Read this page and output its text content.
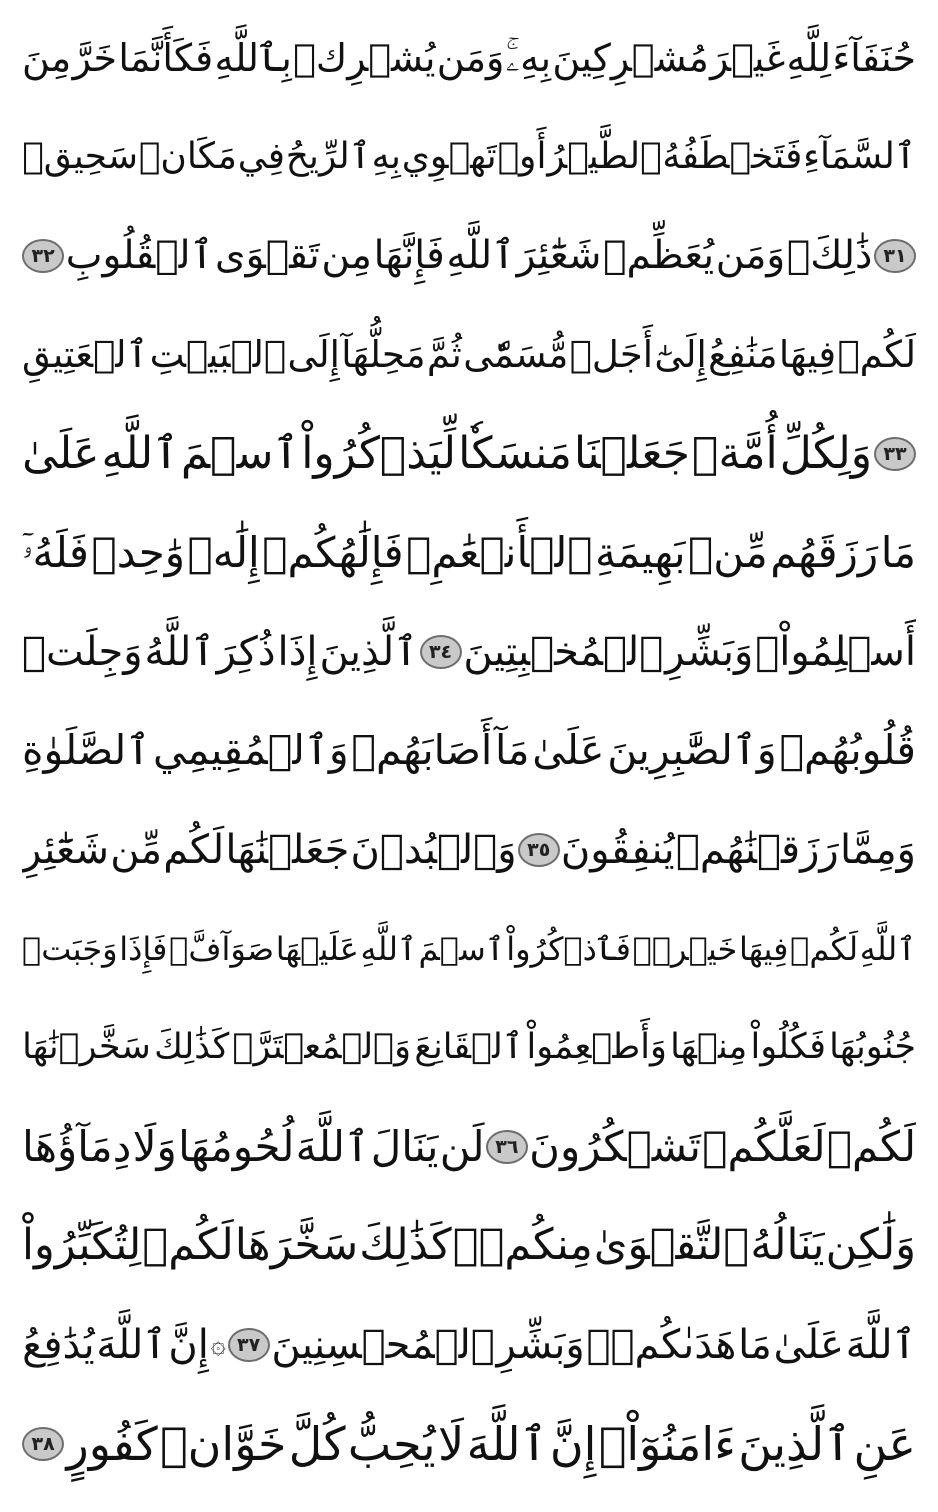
حُنَفَآءَ
لِلَّهِ
غَيۡرَ
مُشۡرِكِينَ
بِهِۦۚ
وَمَن
يُشۡرِكۡ
بِٱللَّهِ
فَكَأَنَّمَا
خَرَّ
مِنَ
ٱلسَّمَآءِ
فَتَخۡطَفُهُ
ٱلطَّيۡرُ
أَوۡ
تَهۡوِي
بِهِ
ٱلرِّيحُ
فِي
مَكَانٖ
سَحِيقٖ
٣١
ذَٰلِكَۖ
وَمَن
يُعَظِّمۡ
شَعَٰٓئِرَ
ٱللَّهِ
فَإِنَّهَا
مِن
تَقۡوَى
ٱلۡقُلُوبِ
٣٢
لَكُمۡ
فِيهَا
مَنَٰفِعُ
إِلَىٰٓ
أَجَلٖ
مُّسَمّٗى
ثُمَّ
مَحِلُّهَآ
إِلَى
ٱلۡبَيۡتِ
ٱلۡعَتِيقِ
٣٣
وَلِكُلِّ
أُمَّةٖ
جَعَلۡنَا
مَنسَكٗا
لِّيَذۡكُرُواْ
ٱسۡمَ
ٱللَّهِ
عَلَىٰ
مَا
رَزَقَهُم
مِّنۢ
بَهِيمَةِ
ٱلۡأَنۡعَٰمِۗ
فَإِلَٰهُكُمۡ
إِلَٰهٞ
وَٰحِدٞ
فَلَهُۥٓ
أَسۡلِمُواْۗ
وَبَشِّرِ
ٱلۡمُخۡبِتِينَ
٣٤
ٱلَّذِينَ
إِذَا
ذُكِرَ
ٱللَّهُ
وَجِلَتۡ
قُلُوبُهُمۡ
وَٱلصَّٰبِرِينَ
عَلَىٰ
مَآ
أَصَابَهُمۡ
وَٱلۡمُقِيمِي
ٱلصَّلَوٰةِ
وَمِمَّا
رَزَقۡنَٰهُمۡ
يُنفِقُونَ
٣٥
وَٱلۡبُدۡنَ
جَعَلۡنَٰهَا
لَكُم
مِّن
شَعَٰٓئِرِ
ٱللَّهِ
لَكُمۡ
فِيهَا
خَيۡرٞۖ
فَٱذۡكُرُواْ
ٱسۡمَ
ٱللَّهِ
عَلَيۡهَا
صَوَآفَّۖ
فَإِذَا
وَجَبَتۡ
جُنُوبُهَا
فَكُلُواْ
مِنۡهَا
وَأَطۡعِمُواْ
ٱلۡقَانِعَ
وَٱلۡمُعۡتَرَّۚ
كَذَٰلِكَ
سَخَّرۡنَٰهَا
لَكُمۡ
لَعَلَّكُمۡ
تَشۡكُرُونَ
٣٦
لَن
يَنَالَ
ٱللَّهَ
لُحُومُهَا
وَلَا
دِمَآؤُهَا
وَلَٰكِن
يَنَالُهُ
ٱلتَّقۡوَىٰ
مِنكُمۡۚ
كَذَٰلِكَ
سَخَّرَهَا
لَكُمۡ
لِتُكَبِّرُواْ
ٱللَّهَ
عَلَىٰ
مَا
هَدَىٰكُمۡۗ
وَبَشِّرِ
ٱلۡمُحۡسِنِينَ
٣٧
۞
إِنَّ
ٱللَّهَ
يُدَٰفِعُ
عَنِ
ٱلَّذِينَ
ءَامَنُوٓاْۗ
إِنَّ
ٱللَّهَ
لَا
يُحِبُّ
كُلَّ
خَوَّانٖ
كَفُورٍ
٣٨
